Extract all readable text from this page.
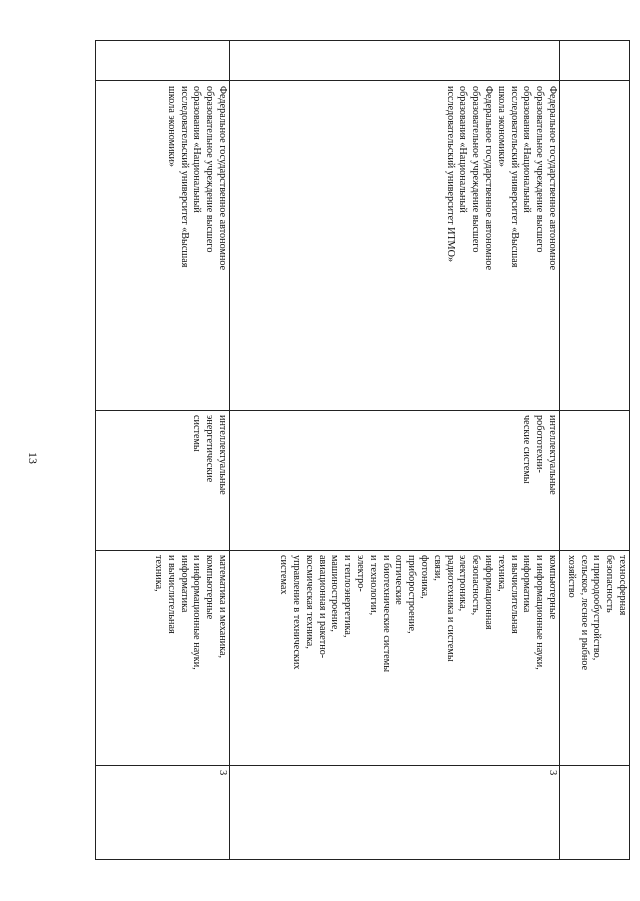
13
техносферная
безопасность
и природообустройство,
сельское, лесное и рыбное
хозяйство
Федеральное государственное автономное
образовательное учреждение высшего
образования «Национальный
исследовательский университет «Высшая
школа экономики»
Федеральное государственное автономное
образовательное учреждение высшего
образования «Национальный
исследовательский университет ИТМО»
интеллектуальные
робототехни-
ческие системы
компьютерные
и информационные науки,
информатика
и вычислительная
техника,
информационная
безопасность,
электроника,
радиотехника и системы
связи,
фотоника,
приборостроение,
оптические
и биотехнические системы
и технологии,
электро-
и теплоэнергетика,
машиностроение,
авиационная и ракетно-
космическая техника,
управление в технических
системах
3
Федеральное государственное автономное
образовательное учреждение высшего
образования «Национальный
исследовательский университет «Высшая
школа экономики»
интеллектуальные
энергетические
системы
математика и механика,
компьютерные
и информационные науки,
информатика
и вычислительная
техника,
3
